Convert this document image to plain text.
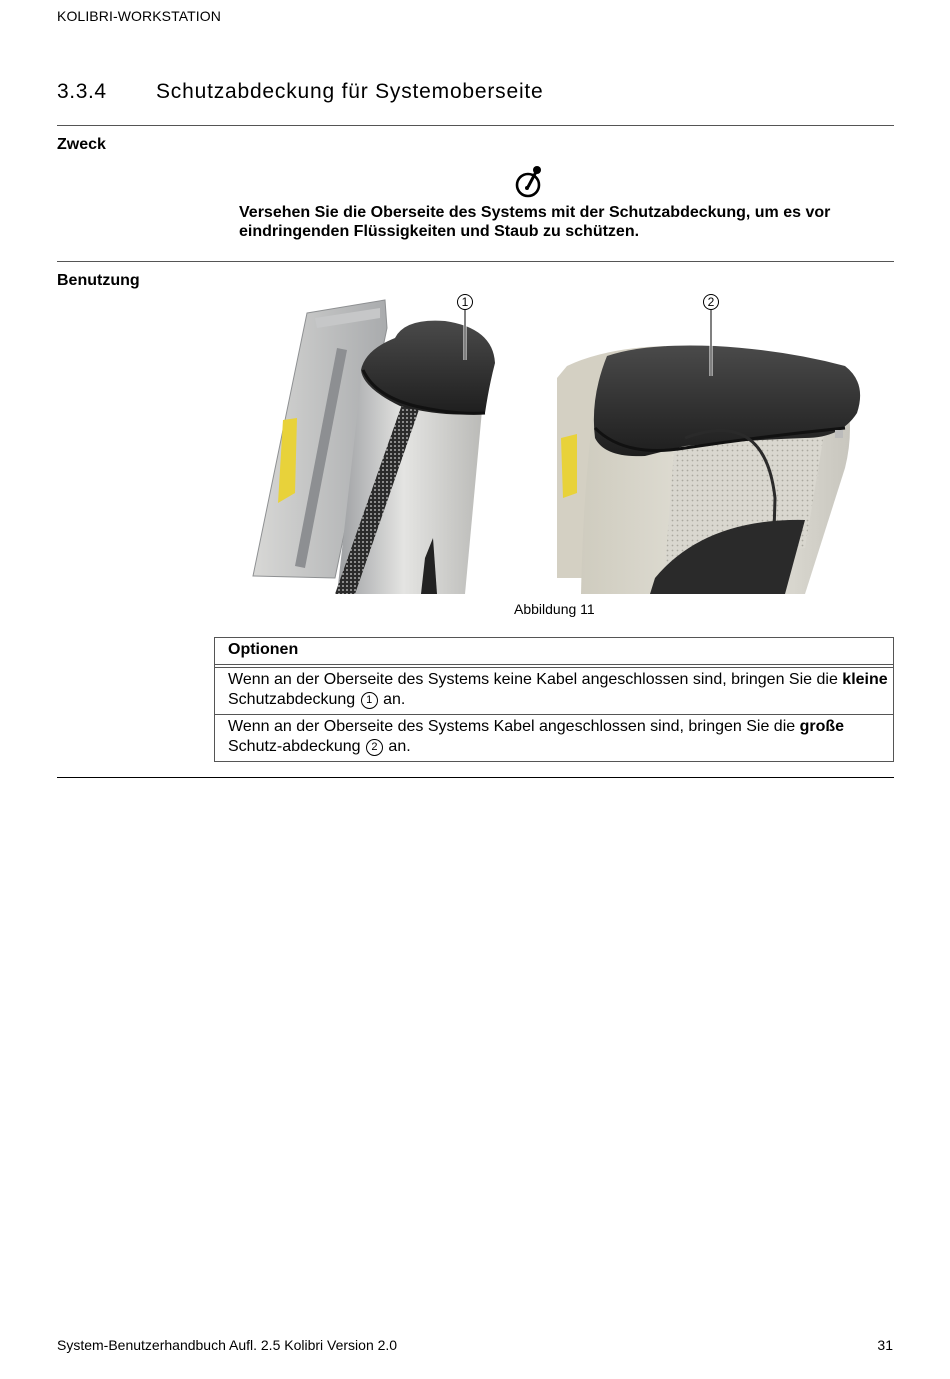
KOLIBRI-WORKSTATION
3.3.4 Schutzabdeckung für Systemoberseite
Zweck
Versehen Sie die Oberseite des Systems mit der Schutzabdeckung, um es vor eindringenden Flüssigkeiten und Staub zu schützen.
Benutzung
1	2
Abbildung 11
Optionen
Wenn an der Oberseite des Systems keine Kabel angeschlossen sind, bringen Sie die kleine Schutzabdeckung 1 an.
Wenn an der Oberseite des Systems Kabel angeschlossen sind, bringen Sie die große Schutz-abdeckung 2 an.
System-Benutzerhandbuch Aufl. 2.5 Kolibri Version 2.0	31
